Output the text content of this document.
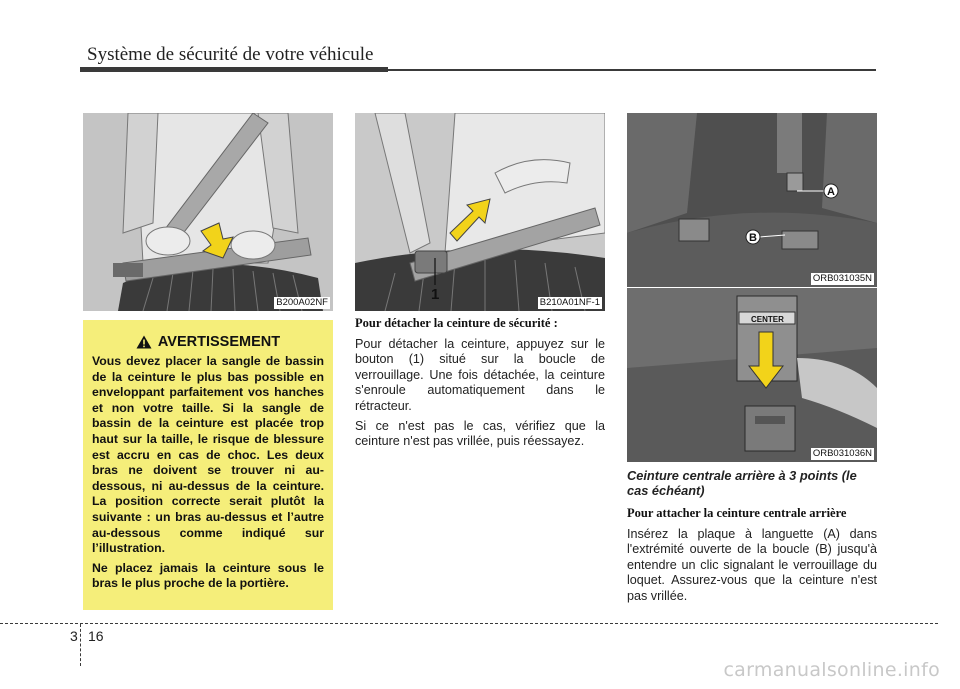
Système de sécurité de votre véhicule
B200A02NF	1	B210A01NF-1
A
B
ORB031035N
CENTER
ORB031036N
AVERTISSEMENT

Vous devez placer la sangle de bassin de la ceinture le plus bas possible en enveloppant parfaitement vos hanches et non votre taille. Si la sangle de bassin de la ceinture est placée trop haut sur la taille, le risque de blessure est accru en cas de choc. Les deux bras ne doivent se trouver ni au-dessous, ni au-dessus de la ceinture. La position correcte serait plutôt la suivante : un bras au-dessus et l’autre au-dessous comme indiqué sur l’illustration.

Ne placez jamais la ceinture sous le bras le plus proche de la portière.

Pour détacher la ceinture de sécurité :

Pour détacher la ceinture, appuyez sur le bouton (1) situé sur la boucle de verrouillage. Une fois détachée, la ceinture s'enroule automatiquement dans le rétracteur.

Si ce n'est pas le cas, vérifiez que la ceinture n'est pas vrillée, puis réessayez.

Ceinture centrale arrière à 3 points (le cas échéant)
Pour attacher la ceinture centrale arrière

Insérez la plaque à languette (A) dans l'extrémité ouverte de la boucle (B) jusqu'à entendre un clic signalant le verrouillage du loquet. Assurez-vous que la ceinture n'est pas vrillée.

3 16
carmanualsonline.info
